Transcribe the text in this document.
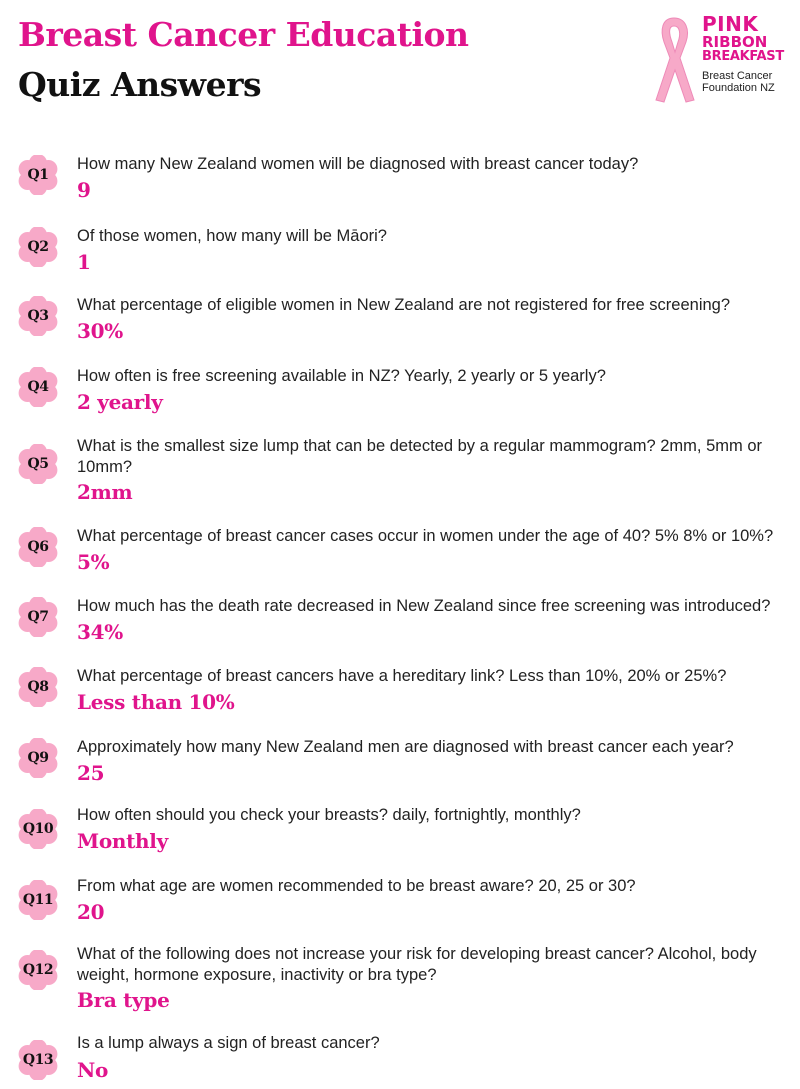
Breast Cancer Education
Quiz Answers
PINK
RIBBON
BREAKFAST
Breast Cancer
Foundation NZ
Q1

How many New Zealand women will be diagnosed with breast cancer today?

9

Q2

Of those women, how many will be Māori?

1

Q3

What percentage of eligible women in New Zealand are not registered for free screening?

30%

Q4

How often is free screening available in NZ? Yearly, 2 yearly or 5 yearly?

2 yearly

Q5

What is the smallest size lump that can be detected by a regular mammogram? 2mm, 5mm or 10mm?

2mm

Q6

What percentage of breast cancer cases occur in women under the age of 40? 5% 8% or 10%?

5%

Q7

How much has the death rate decreased in New Zealand since free screening was introduced?

34%

Q8

What percentage of breast cancers have a hereditary link? Less than 10%, 20% or 25%?

Less than 10%

Q9

Approximately how many New Zealand men are diagnosed with breast cancer each year?

25

Q10

How often should you check your breasts? daily, fortnightly, monthly?

Monthly

Q11

From what age are women recommended to be breast aware? 20, 25 or 30?

20

Q12

What of the following does not increase your risk for developing breast cancer? Alcohol, body weight, hormone exposure, inactivity or bra type?

Bra type

Q13

Is a lump always a sign of breast cancer?

No
